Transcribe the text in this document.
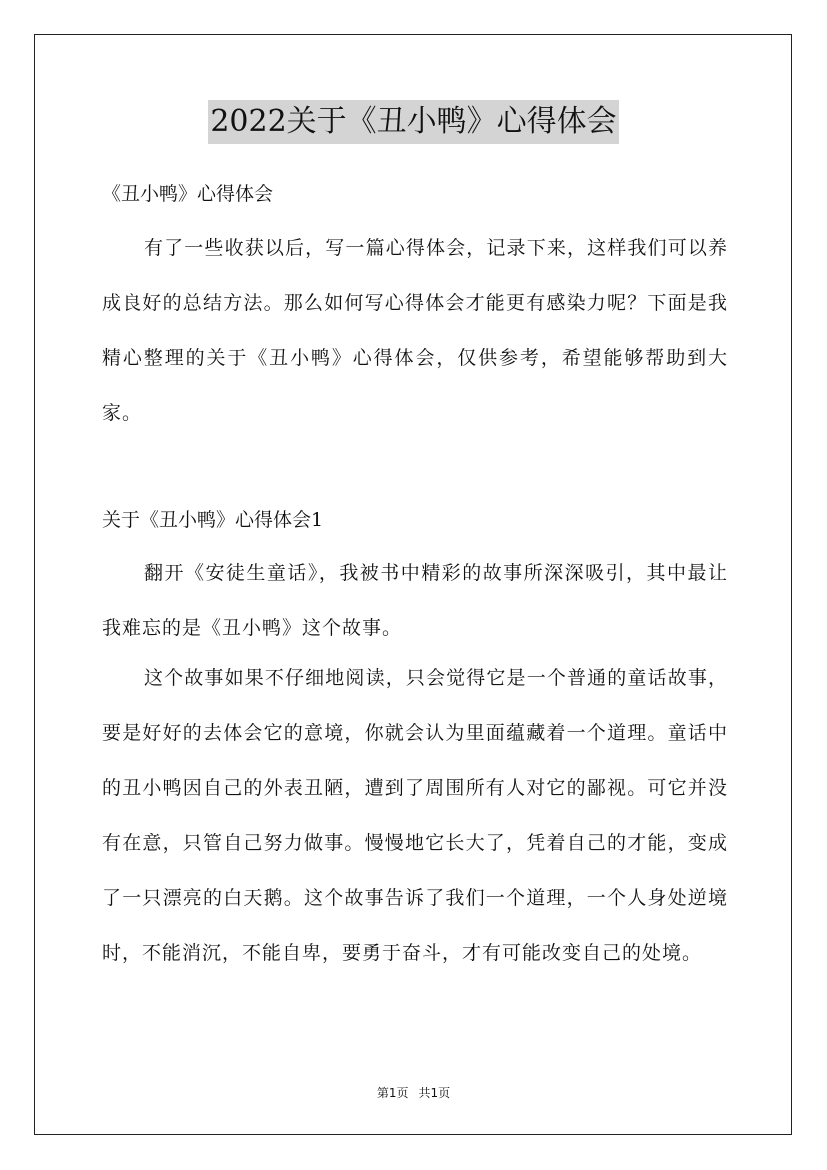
2022关于《丑小鸭》心得体会

《丑小鸭》心得体会

有了一些收获以后，写一篇心得体会，记录下来，这样我们可以养成良好的总结方法。那么如何写心得体会才能更有感染力呢？下面是我精心整理的关于《丑小鸭》心得体会，仅供参考，希望能够帮助到大家。

关于《丑小鸭》心得体会1

翻开《安徒生童话》，我被书中精彩的故事所深深吸引，其中最让我难忘的是《丑小鸭》这个故事。

这个故事如果不仔细地阅读，只会觉得它是一个普通的童话故事，要是好好的去体会它的意境，你就会认为里面蕴藏着一个道理。童话中的丑小鸭因自己的外表丑陋，遭到了周围所有人对它的鄙视。可它并没有在意，只管自己努力做事。慢慢地它长大了，凭着自己的才能，变成了一只漂亮的白天鹅。这个故事告诉了我们一个道理，一个人身处逆境时，不能消沉，不能自卑，要勇于奋斗，才有可能改变自己的处境。

第1页 共1页
